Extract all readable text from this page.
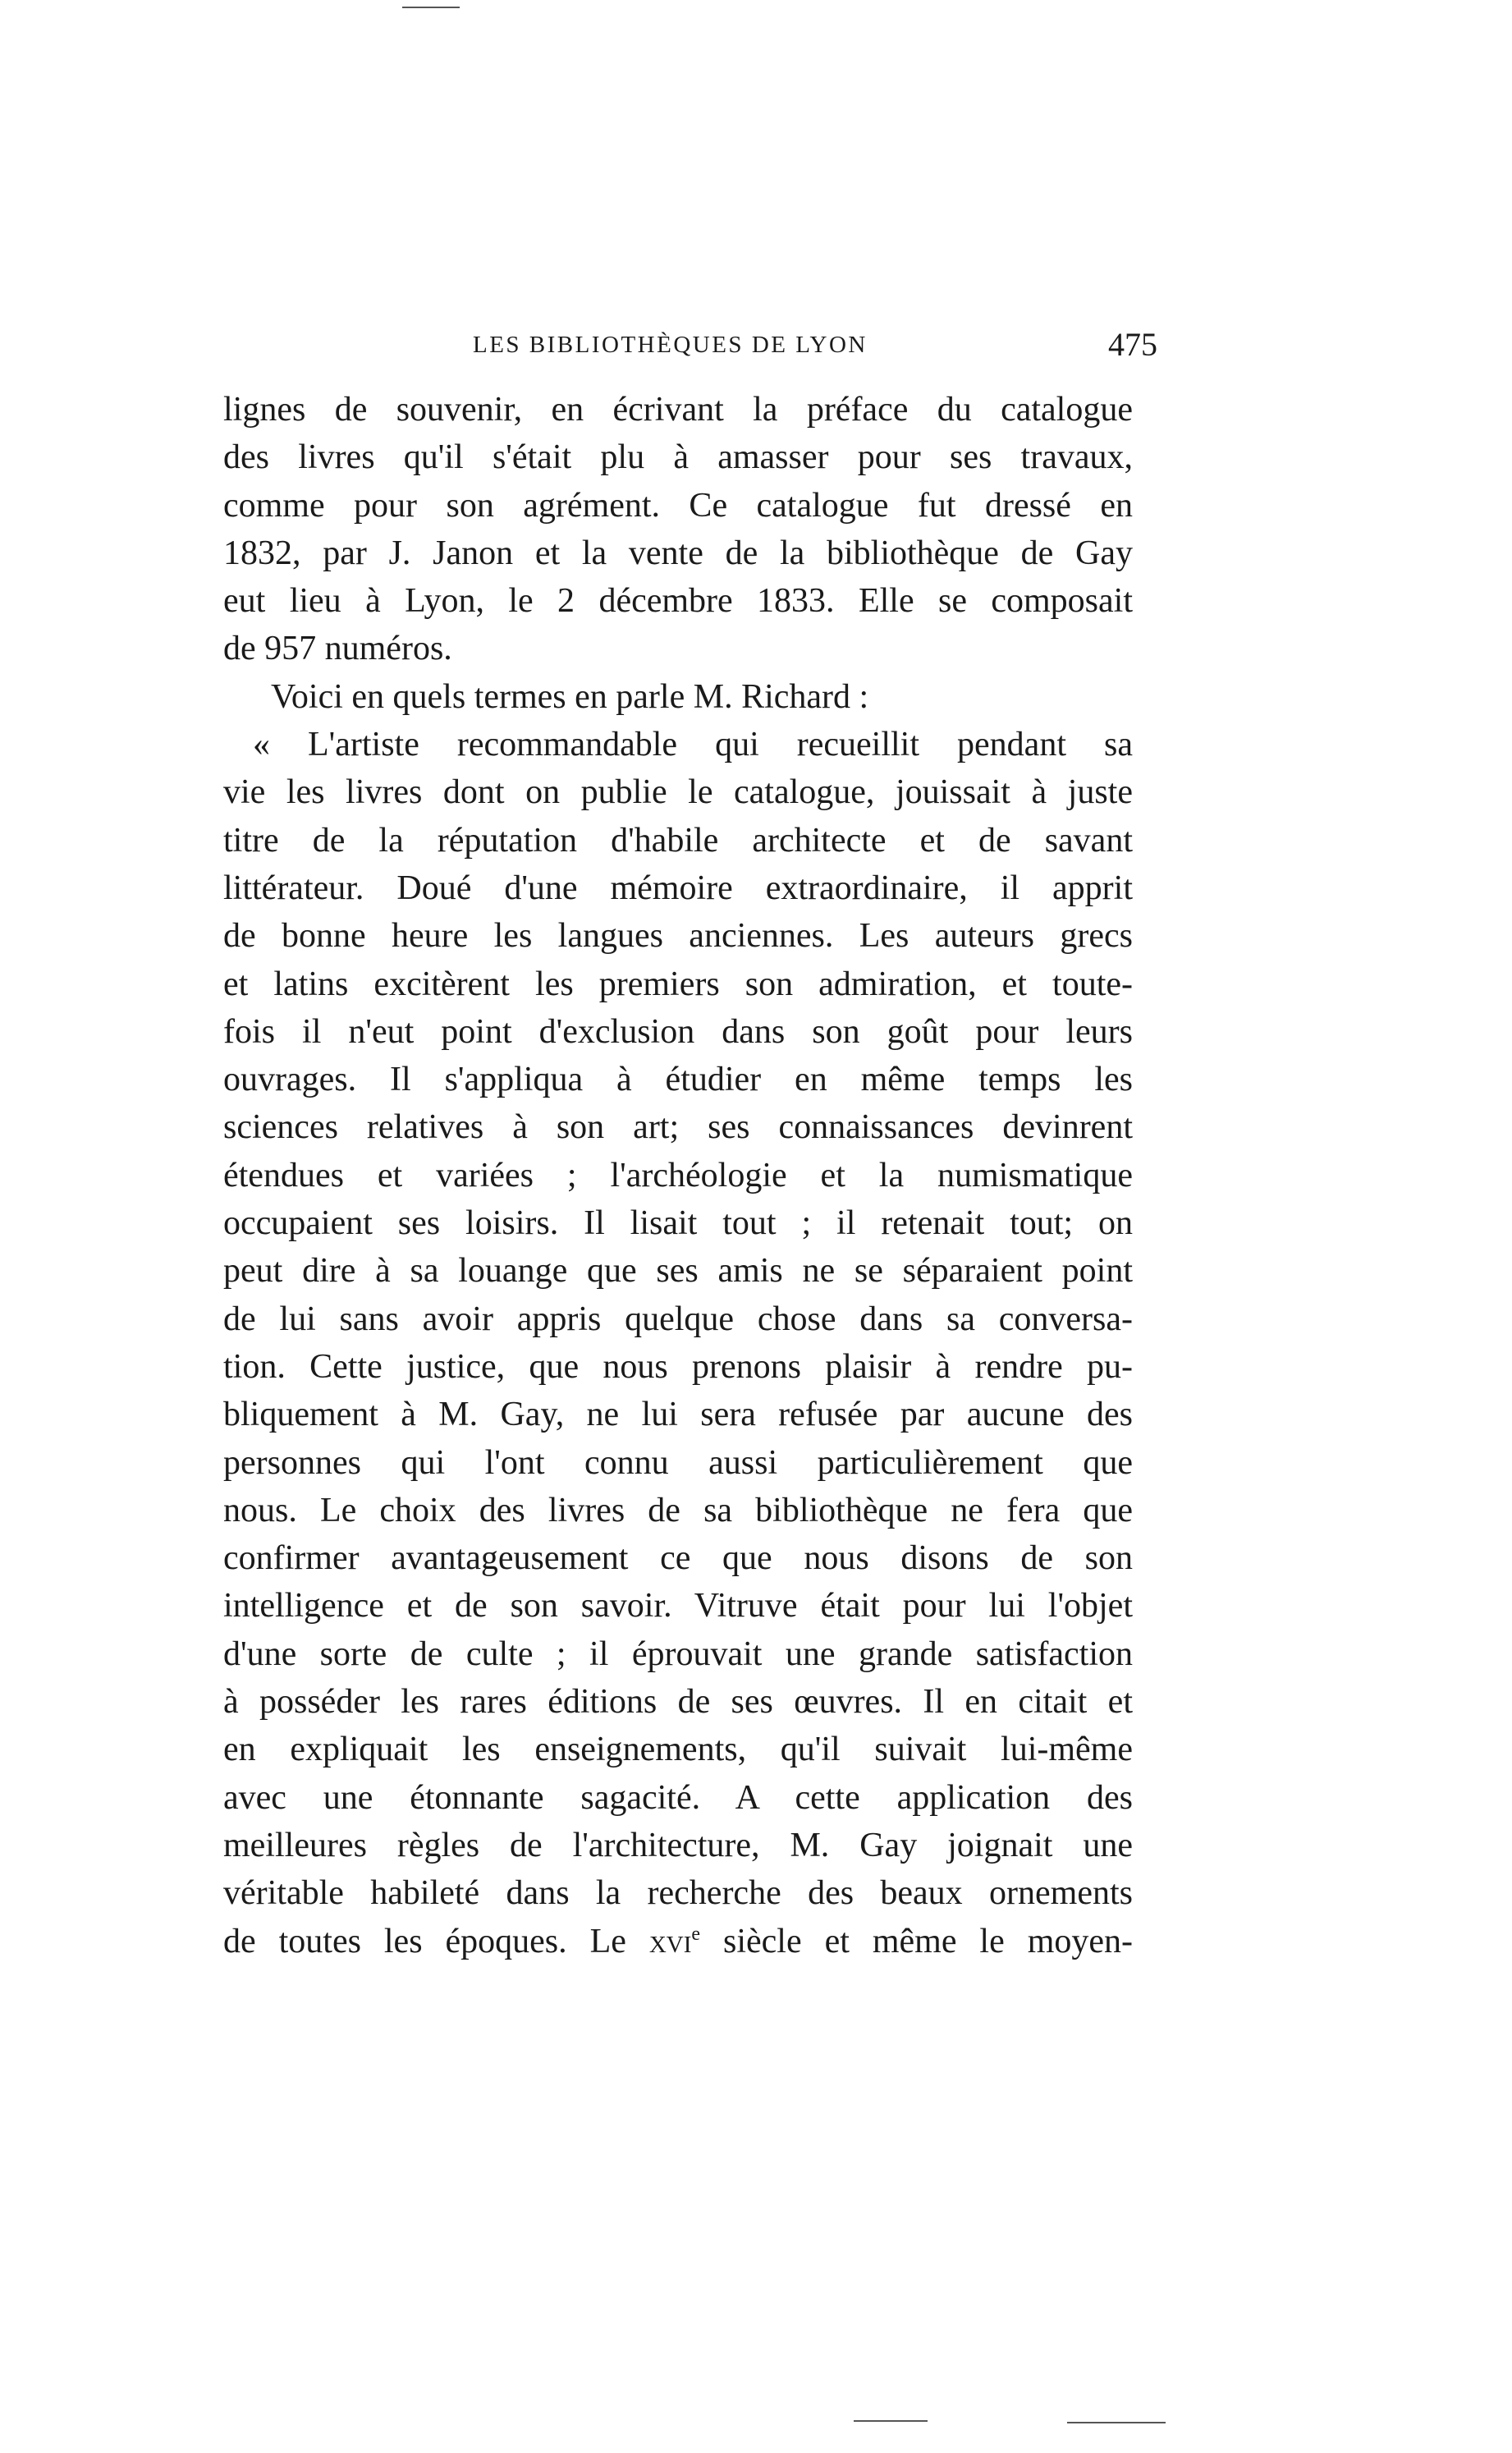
LES BIBLIOTHÈQUES DE LYON	475
lignes de souvenir, en écrivant la préface du catalogue
des livres qu'il s'était plu à amasser pour ses travaux,
comme pour son agrément. Ce catalogue fut dressé en
1832, par J. Janon et la vente de la bibliothèque de Gay
eut lieu à Lyon, le 2 décembre 1833. Elle se composait
de 957 numéros.
Voici en quels termes en parle M. Richard :
« L'artiste recommandable qui recueillit pendant sa
vie les livres dont on publie le catalogue, jouissait à juste
titre de la réputation d'habile architecte et de savant
littérateur. Doué d'une mémoire extraordinaire, il apprit
de bonne heure les langues anciennes. Les auteurs grecs
et latins excitèrent les premiers son admiration, et toute-
fois il n'eut point d'exclusion dans son goût pour leurs
ouvrages. Il s'appliqua à étudier en même temps les
sciences relatives à son art; ses connaissances devinrent
étendues et variées ; l'archéologie et la numismatique
occupaient ses loisirs. Il lisait tout ; il retenait tout; on
peut dire à sa louange que ses amis ne se séparaient point
de lui sans avoir appris quelque chose dans sa conversa-
tion. Cette justice, que nous prenons plaisir à rendre pu-
bliquement à M. Gay, ne lui sera refusée par aucune des
personnes qui l'ont connu aussi particulièrement que
nous. Le choix des livres de sa bibliothèque ne fera que
confirmer avantageusement ce que nous disons de son
intelligence et de son savoir. Vitruve était pour lui l'objet
d'une sorte de culte ; il éprouvait une grande satisfaction
à posséder les rares éditions de ses œuvres. Il en citait et
en expliquait les enseignements, qu'il suivait lui-même
avec une étonnante sagacité. A cette application des
meilleures règles de l'architecture, M. Gay joignait une
véritable habileté dans la recherche des beaux ornements
de toutes les époques. Le xvi$^e$ siècle et même le moyen-
